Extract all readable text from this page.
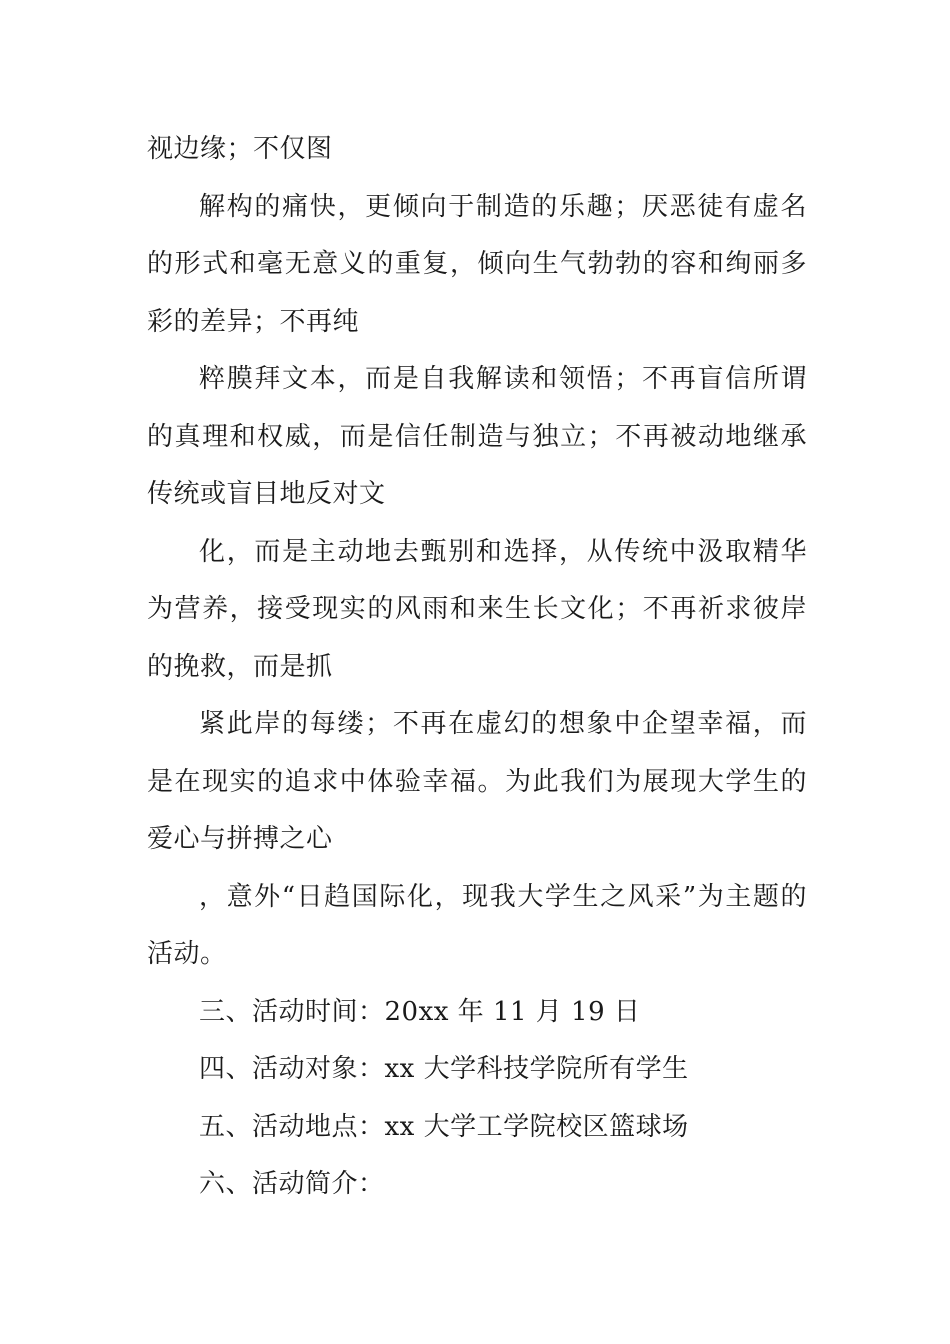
视边缘；不仅图

解构的痛快，更倾向于制造的乐趣；厌恶徒有虚名的形式和毫无意义的重复，倾向生气勃勃的容和绚丽多彩的差异；不再纯

粹膜拜文本，而是自我解读和领悟；不再盲信所谓的真理和权威，而是信任制造与独立；不再被动地继承传统或盲目地反对文

化，而是主动地去甄别和选择，从传统中汲取精华为营养，接受现实的风雨和来生长文化；不再祈求彼岸的挽救，而是抓

紧此岸的每缕；不再在虚幻的想象中企望幸福，而是在现实的追求中体验幸福。为此我们为展现大学生的爱心与拼搏之心

，意外“日趋国际化，现我大学生之风采”为主题的活动。

三、活动时间：20xx 年 11 月 19 日

四、活动对象：xx 大学科技学院所有学生

五、活动地点：xx 大学工学院校区篮球场

六、活动简介：
